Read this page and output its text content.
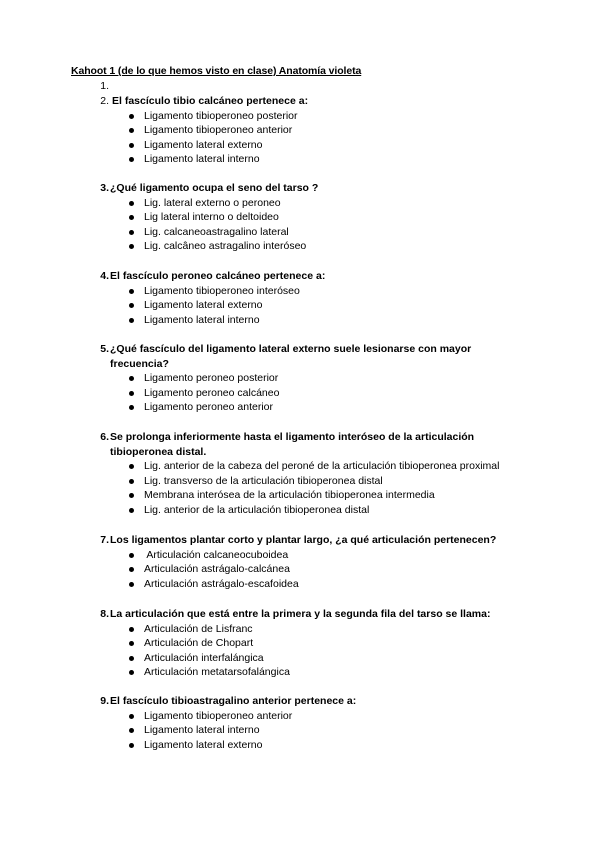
Kahoot 1 (de lo que hemos visto en clase) Anatomía violeta
1.
2. El fascículo tibio calcáneo pertenece a:
Ligamento tibioperoneo posterior
Ligamento tibioperoneo anterior
Ligamento lateral externo
Ligamento lateral interno
3. ¿Qué ligamento ocupa el seno del tarso ?
Lig. lateral externo o peroneo
Lig lateral interno o deltoideo
Lig. calcaneoastragalino lateral
Lig. calcâneo astragalino interóseo
4. El fascículo peroneo calcáneo pertenece a:
Ligamento tibioperoneo interóseo
Ligamento lateral externo
Ligamento lateral interno
5. ¿Qué fascículo del ligamento lateral externo suele lesionarse con mayor
frecuencia?
Ligamento peroneo posterior
Ligamento peroneo calcáneo
Ligamento peroneo anterior
6. Se prolonga inferiormente hasta el ligamento interóseo de la articulación
tibioperonea distal.
Lig. anterior de la cabeza del peroné de la articulación tibioperonea proximal
Lig. transverso de la articulación tibioperonea distal
Membrana interósea de la articulación tibioperonea intermedia
Lig. anterior de la articulación tibioperonea distal
7. Los ligamentos plantar corto y plantar largo, ¿a qué articulación pertenecen?
Articulación calcaneocuboidea
Articulación astrágalo-calcánea
Articulación astrágalo-escafoidea
8. La articulación que está entre la primera y la segunda fila del tarso se llama:
Articulación de Lisfranc
Articulación de Chopart
Articulación interfalángica
Articulación metatarsofalángica
9. El fascículo tibioastragalino anterior pertenece a:
Ligamento tibioperoneo anterior
Ligamento lateral interno
Ligamento lateral externo
